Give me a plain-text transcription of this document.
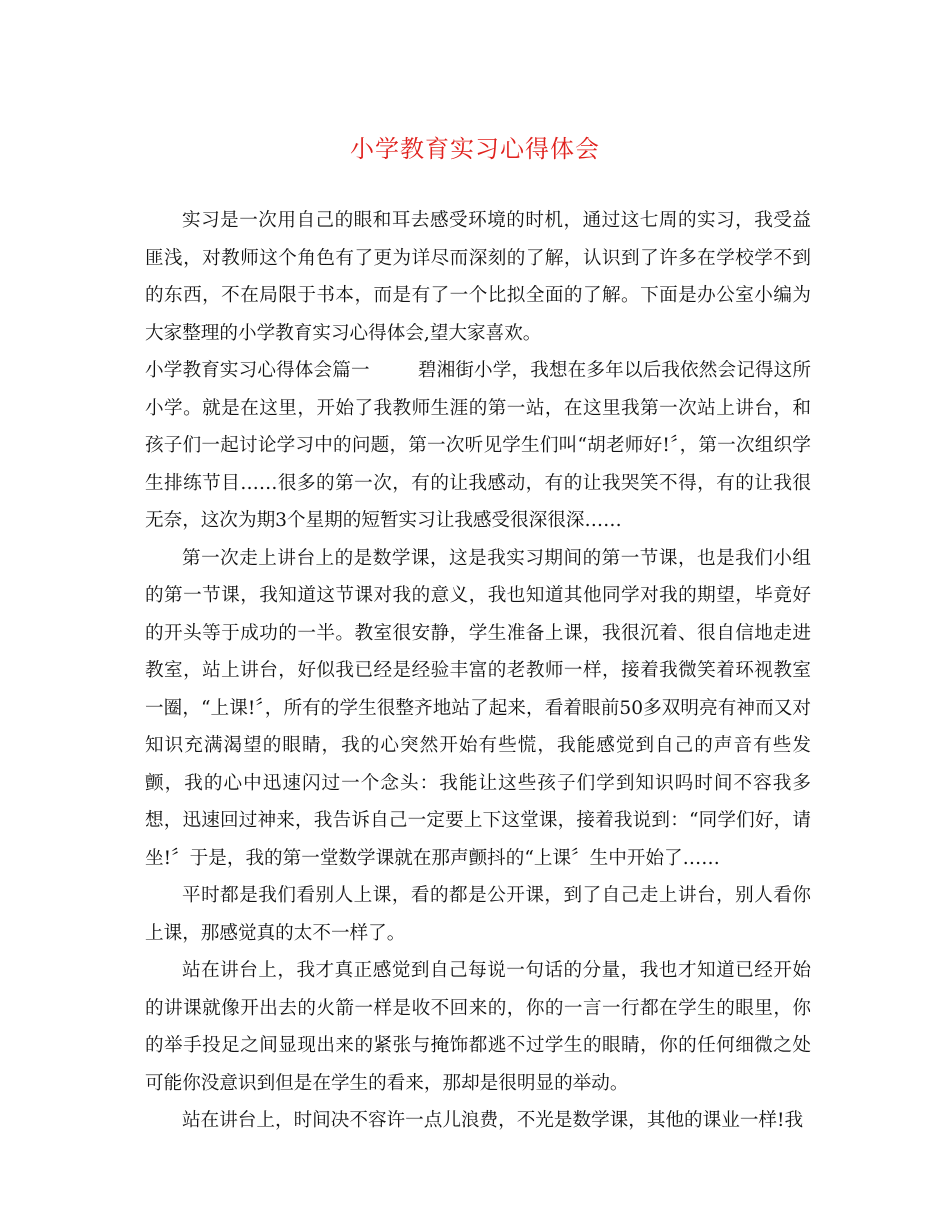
小学教育实习心得体会

实习是一次用自己的眼和耳去感受环境的时机，通过这七周的实习，我受益匪浅，对教师这个角色有了更为详尽而深刻的了解，认识到了许多在学校学不到的东西，不在局限于书本，而是有了一个比拟全面的了解。下面是办公室小编为大家整理的小学教育实习心得体会,望大家喜欢。

小学教育实习心得体会篇一	碧湘街小学，我想在多年以后我依然会记得这所小学。就是在这里，开始了我教师生涯的第一站，在这里我第一次站上讲台，和孩子们一起讨论学习中的问题，第一次听见学生们叫“胡老师好!〞，第一次组织学生排练节目……很多的第一次，有的让我感动，有的让我哭笑不得，有的让我很无奈，这次为期3个星期的短暂实习让我感受很深很深……

第一次走上讲台上的是数学课，这是我实习期间的第一节课，也是我们小组的第一节课，我知道这节课对我的意义，我也知道其他同学对我的期望，毕竟好的开头等于成功的一半。教室很安静，学生准备上课，我很沉着、很自信地走进教室，站上讲台，好似我已经是经验丰富的老教师一样，接着我微笑着环视教室一圈，“上课!〞，所有的学生很整齐地站了起来，看着眼前50多双明亮有神而又对知识充满渴望的眼睛，我的心突然开始有些慌，我能感觉到自己的声音有些发颤，我的心中迅速闪过一个念头：我能让这些孩子们学到知识吗时间不容我多想，迅速回过神来，我告诉自己一定要上下这堂课，接着我说到：“同学们好，请坐!〞于是，我的第一堂数学课就在那声颤抖的“上课〞生中开始了……

平时都是我们看别人上课，看的都是公开课，到了自己走上讲台，别人看你上课，那感觉真的太不一样了。

站在讲台上，我才真正感觉到自己每说一句话的分量，我也才知道已经开始的讲课就像开出去的火箭一样是收不回来的，你的一言一行都在学生的眼里，你的举手投足之间显现出来的紧张与掩饰都逃不过学生的眼睛，你的任何细微之处可能你没意识到但是在学生的看来，那却是很明显的举动。

站在讲台上，时间决不容许一点儿浪费，不光是数学课，其他的课业一样!我
